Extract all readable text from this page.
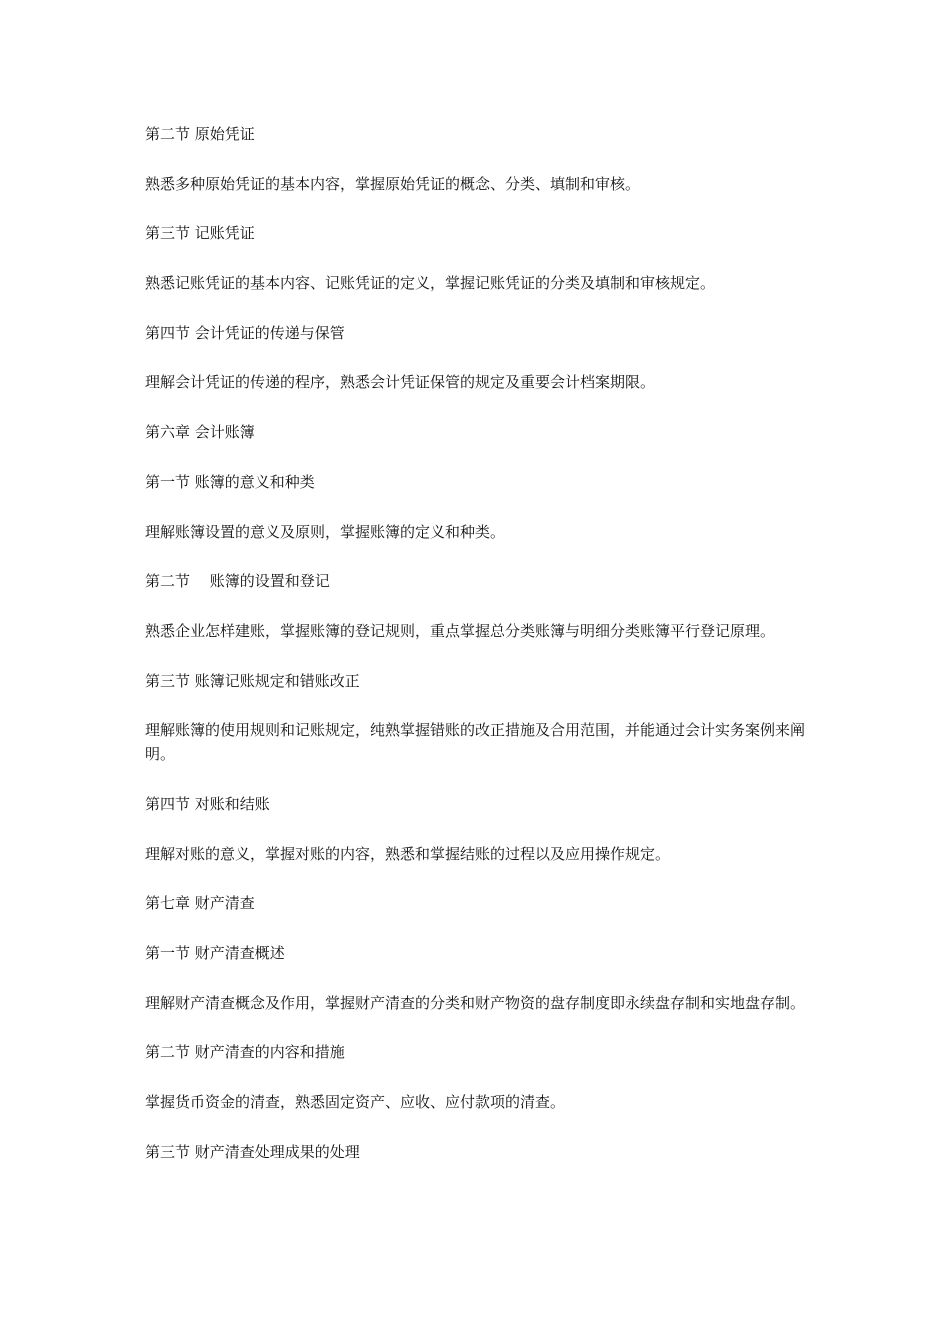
第二节 原始凭证

熟悉多种原始凭证的基本内容，掌握原始凭证的概念、分类、填制和审核。

第三节 记账凭证

熟悉记账凭证的基本内容、记账凭证的定义，掌握记账凭证的分类及填制和审核规定。

第四节 会计凭证的传递与保管

理解会计凭证的传递的程序，熟悉会计凭证保管的规定及重要会计档案期限。

第六章 会计账簿

第一节 账簿的意义和种类

理解账簿设置的意义及原则，掌握账簿的定义和种类。

第二节　 账簿的设置和登记

熟悉企业怎样建账，掌握账簿的登记规则，重点掌握总分类账簿与明细分类账簿平行登记原理。

第三节 账簿记账规定和错账改正

理解账簿的使用规则和记账规定，纯熟掌握错账的改正措施及合用范围，并能通过会计实务案例来阐明。

第四节 对账和结账

理解对账的意义，掌握对账的内容，熟悉和掌握结账的过程以及应用操作规定。

第七章 财产清查

第一节 财产清查概述

理解财产清查概念及作用，掌握财产清查的分类和财产物资的盘存制度即永续盘存制和实地盘存制。

第二节 财产清查的内容和措施

掌握货币资金的清查，熟悉固定资产、应收、应付款项的清查。

第三节 财产清查处理成果的处理
